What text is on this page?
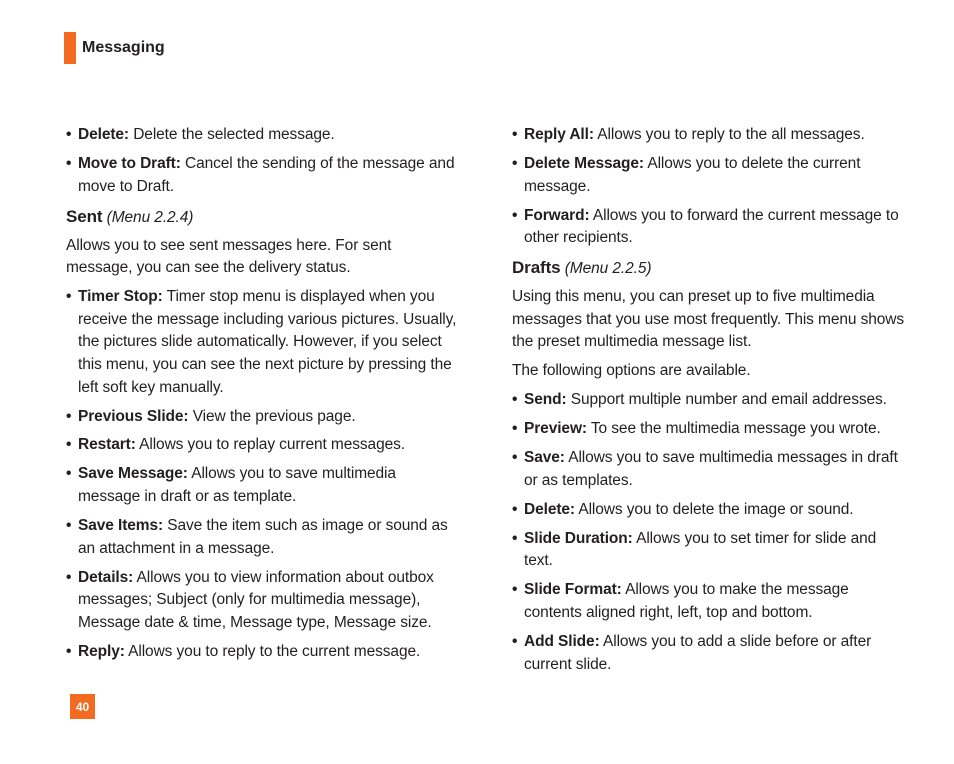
Messaging
• Delete: Delete the selected message.
• Move to Draft: Cancel the sending of the message and move to Draft.
Sent (Menu 2.2.4)
Allows you to see sent messages here. For sent message, you can see the delivery status.
• Timer Stop: Timer stop menu is displayed when you receive the message including various pictures. Usually, the pictures slide automatically. However, if you select this menu, you can see the next picture by pressing the left soft key manually.
• Previous Slide: View the previous page.
• Restart: Allows you to replay current messages.
• Save Message: Allows you to save multimedia message in draft or as template.
• Save Items: Save the item such as image or sound as an attachment in a message.
• Details: Allows you to view information about outbox messages; Subject (only for multimedia message), Message date & time, Message type, Message size.
• Reply: Allows you to reply to the current message.
• Reply All: Allows you to reply to the all messages.
• Delete Message: Allows you to delete the current message.
• Forward: Allows you to forward the current message to other recipients.
Drafts (Menu 2.2.5)
Using this menu, you can preset up to five multimedia messages that you use most frequently. This menu shows the preset multimedia message list.
The following options are available.
• Send: Support multiple number and email addresses.
• Preview: To see the multimedia message you wrote.
• Save: Allows you to save multimedia messages in draft or as templates.
• Delete: Allows you to delete the image or sound.
• Slide Duration: Allows you to set timer for slide and text.
• Slide Format: Allows you to make the message contents aligned right, left, top and bottom.
• Add Slide: Allows you to add a slide before or after current slide.
40
